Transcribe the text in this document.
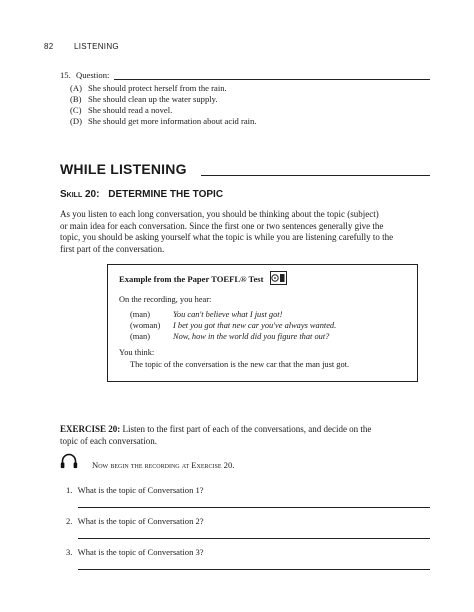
82	LISTENING
15. Question:
(A) She should protect herself from the rain.
(B) She should clean up the water supply.
(C) She should read a novel.
(D) She should get more information about acid rain.
WHILE LISTENING
Skill 20: DETERMINE THE TOPIC
As you listen to each long conversation, you should be thinking about the topic (subject)
or main idea for each conversation. Since the first one or two sentences generally give the
topic, you should be asking yourself what the topic is while you are listening carefully to the
first part of the conversation.
Example from the Paper TOEFL® Test
On the recording, you hear:
(man)	You can't believe what I just got!
(woman) I bet you got that new car you've always wanted.
(man)	Now, how in the world did you figure that out?
You think:
The topic of the conversation is the new car that the man just got.
EXERCISE 20: Listen to the first part of each of the conversations, and decide on the
topic of each conversation.
Now begin the recording at Exercise 20.
1. What is the topic of Conversation 1?
2. What is the topic of Conversation 2?
3. What is the topic of Conversation 3?
